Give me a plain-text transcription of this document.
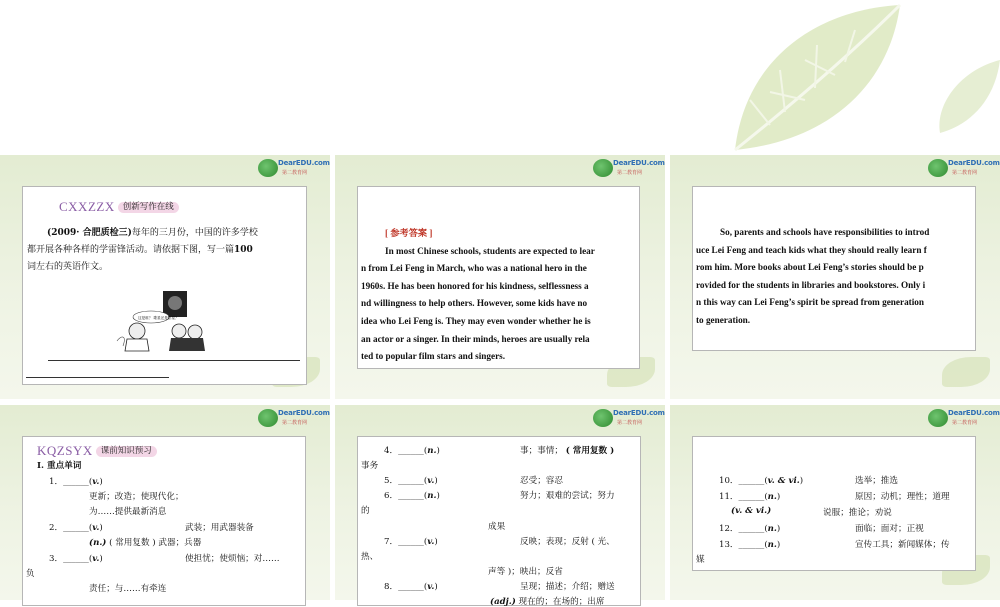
DearEDU.com
第二教育网
CXXZZX 创新写作在线
(2009· 合肥质检三)每年的三月份，中国的许多学校
都开展各种各样的学雷锋活动。请依据下图，写一篇100
词左右的英语作文。
这是谁？ 歌星还是影星？
DearEDU.com
第二教育网
[ 参考答案 ]
In most Chinese schools, students are expected to lear
n from Lei Feng in March, who was a national hero in the
1960s. He has been honored for his kindness, selflessness a
nd willingness to help others. However, some kids have no
idea who Lei Feng is. They may even wonder whether he is
an actor or a singer. In their minds, heroes are usually rela
ted to popular film stars and singers.
DearEDU.com
第二教育网
So, parents and schools have responsibilities to introd
uce Lei Feng and teach kids what they should really learn f
rom him. More books about Lei Feng’s stories should be p
rovided for the students in libraries and bookstores. Only i
n this way can Lei Feng’s spirit be spread from generation
to generation.
DearEDU.com
第二教育网
KQZSYX 课前知识预习
Ⅰ. 重点单词
1．______(v.)
更新；改造；使现代化；
为……提供最新消息
2．______(v.)	武装；用武器装备
(n.) ( 常用复数 ) 武器；兵器
3．______(v.)	使担忧；使烦恼；对……
负
责任；与……有牵连
DearEDU.com
第二教育网
4．______(n.)	事；事情； ( 常用复数 )
事务
5．______(v.)	忍受；容忍
6．______(n.)	努力；艰难的尝试；努力
的
成果
7．______(v.)	反映；表现；反射 ( 光、
热、
声等 )；映出；反省
8．______(v.)	呈现；描述；介绍；赠送
(adj.) 现在的；在场的；出席
DearEDU.com
第二教育网
10．______(v. & vi.)	选举；推选
11．______(n.)	原因；动机；理性；道理
(v. & vi.)	说服；推论；劝说
12．______(n.)	面临；面对；正视
13．______(n.)	宣传工具；新闻媒体；传
媒
